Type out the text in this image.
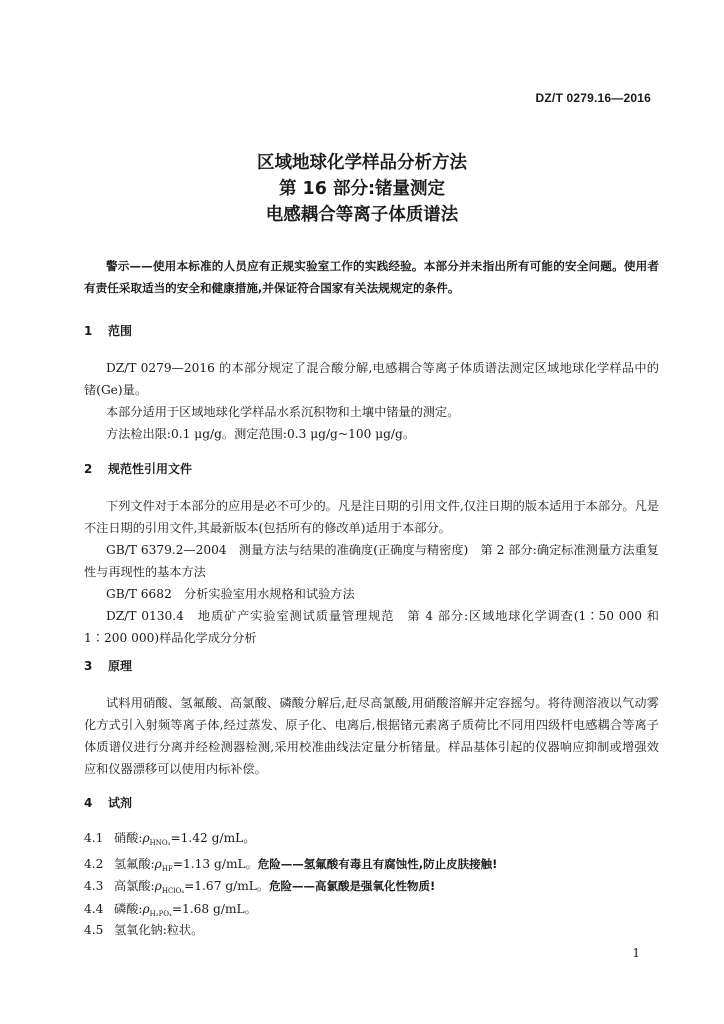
DZ/T 0279.16—2016
区域地球化学样品分析方法
第 16 部分:锗量测定
电感耦合等离子体质谱法
警示——使用本标准的人员应有正规实验室工作的实践经验。本部分并未指出所有可能的安全问题。使用者有责任采取适当的安全和健康措施,并保证符合国家有关法规规定的条件。
1 范围
DZ/T 0279—2016 的本部分规定了混合酸分解,电感耦合等离子体质谱法测定区域地球化学样品中的锗(Ge)量。
本部分适用于区域地球化学样品水系沉积物和土壤中锗量的测定。
方法检出限:0.1 μg/g。测定范围:0.3 μg/g~100 μg/g。
2 规范性引用文件
下列文件对于本部分的应用是必不可少的。凡是注日期的引用文件,仅注日期的版本适用于本部分。凡是不注日期的引用文件,其最新版本(包括所有的修改单)适用于本部分。
GB/T 6379.2—2004　测量方法与结果的准确度(正确度与精密度)　第 2 部分:确定标准测量方法重复性与再现性的基本方法
GB/T 6682　分析实验室用水规格和试验方法
DZ/T 0130.4　地质矿产实验室测试质量管理规范　第 4 部分:区域地球化学调查(1∶50 000 和 1∶200 000)样品化学成分分析
3 原理
试料用硝酸、氢氟酸、高氯酸、磷酸分解后,赶尽高氯酸,用硝酸溶解并定容摇匀。将待测溶液以气动雾化方式引入射频等离子体,经过蒸发、原子化、电离后,根据锗元素离子质荷比不同用四级杆电感耦合等离子体质谱仪进行分离并经检测器检测,采用校准曲线法定量分析锗量。样品基体引起的仪器响应抑制或增强效应和仪器漂移可以使用内标补偿。
4 试剂
4.1 硝酸$:\rho_{HNO_3}=1.42$ g/mL。
4.2 氢氟酸$:\rho_{HF}=1.13$ g/mL。危险——氢氟酸有毒且有腐蚀性,防止皮肤接触!
4.3 高氯酸$:\rho_{HClO_4}=1.67$ g/mL。危险——高氯酸是强氧化性物质!
4.4 磷酸$:\rho_{H_3PO_4}=1.68$ g/mL。
4.5 氢氧化钠:粒状。
1
